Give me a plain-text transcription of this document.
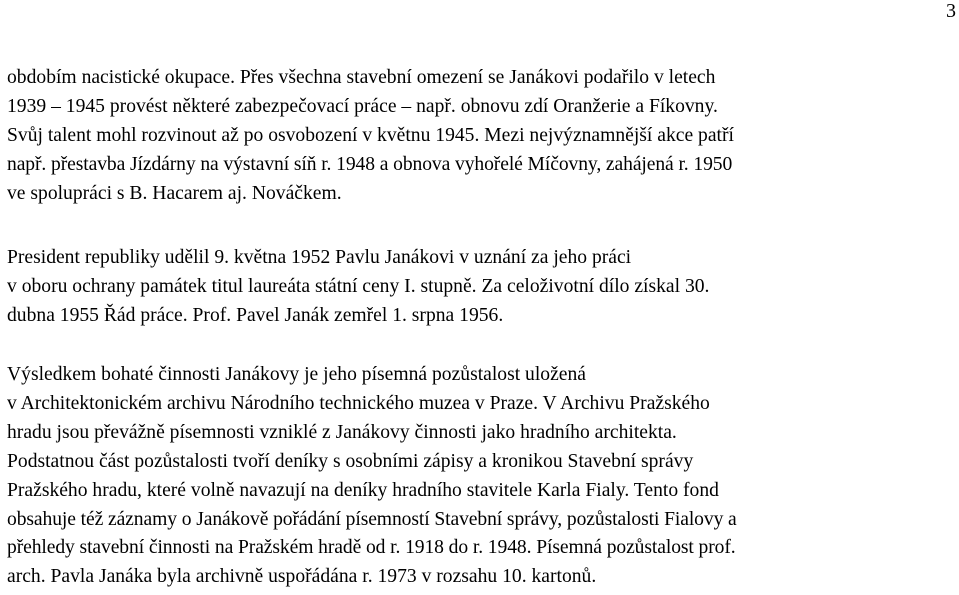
3
obdobím nacistické okupace. Přes všechna stavební omezení se Janákovi podařilo v letech
1939 – 1945 provést některé zabezpečovací práce – např. obnovu zdí Oranžerie a Fíkovny.
Svůj talent mohl rozvinout až po osvobození v květnu 1945. Mezi nejvýznamnější akce patří
např. přestavba Jízdárny na výstavní síň r. 1948 a obnova vyhořelé Míčovny, zahájená r. 1950
ve spolupráci s B. Hacarem aj. Nováčkem.
President republiky udělil 9. května 1952 Pavlu Janákovi v uznání za jeho práci
v oboru ochrany památek titul laureáta státní ceny I. stupně. Za celoživotní dílo získal 30.
dubna 1955 Řád práce. Prof. Pavel Janák zemřel 1. srpna 1956.
Výsledkem bohaté činnosti Janákovy je jeho písemná pozůstalost uložená
v Architektonickém archivu Národního technického muzea v Praze. V Archivu Pražského
hradu jsou převážně písemnosti vzniklé z Janákovy činnosti jako hradního architekta.
Podstatnou část pozůstalosti tvoří deníky s osobními zápisy a kronikou Stavební správy
Pražského hradu, které volně navazují na deníky hradního stavitele Karla Fialy. Tento fond
obsahuje též záznamy o Janákově pořádání písemností Stavební správy, pozůstalosti Fialovy a
přehledy stavební činnosti na Pražském hradě od r. 1918 do r. 1948. Písemná pozůstalost prof.
arch. Pavla Janáka byla archivně uspořádána r. 1973 v rozsahu 10. kartonů.
